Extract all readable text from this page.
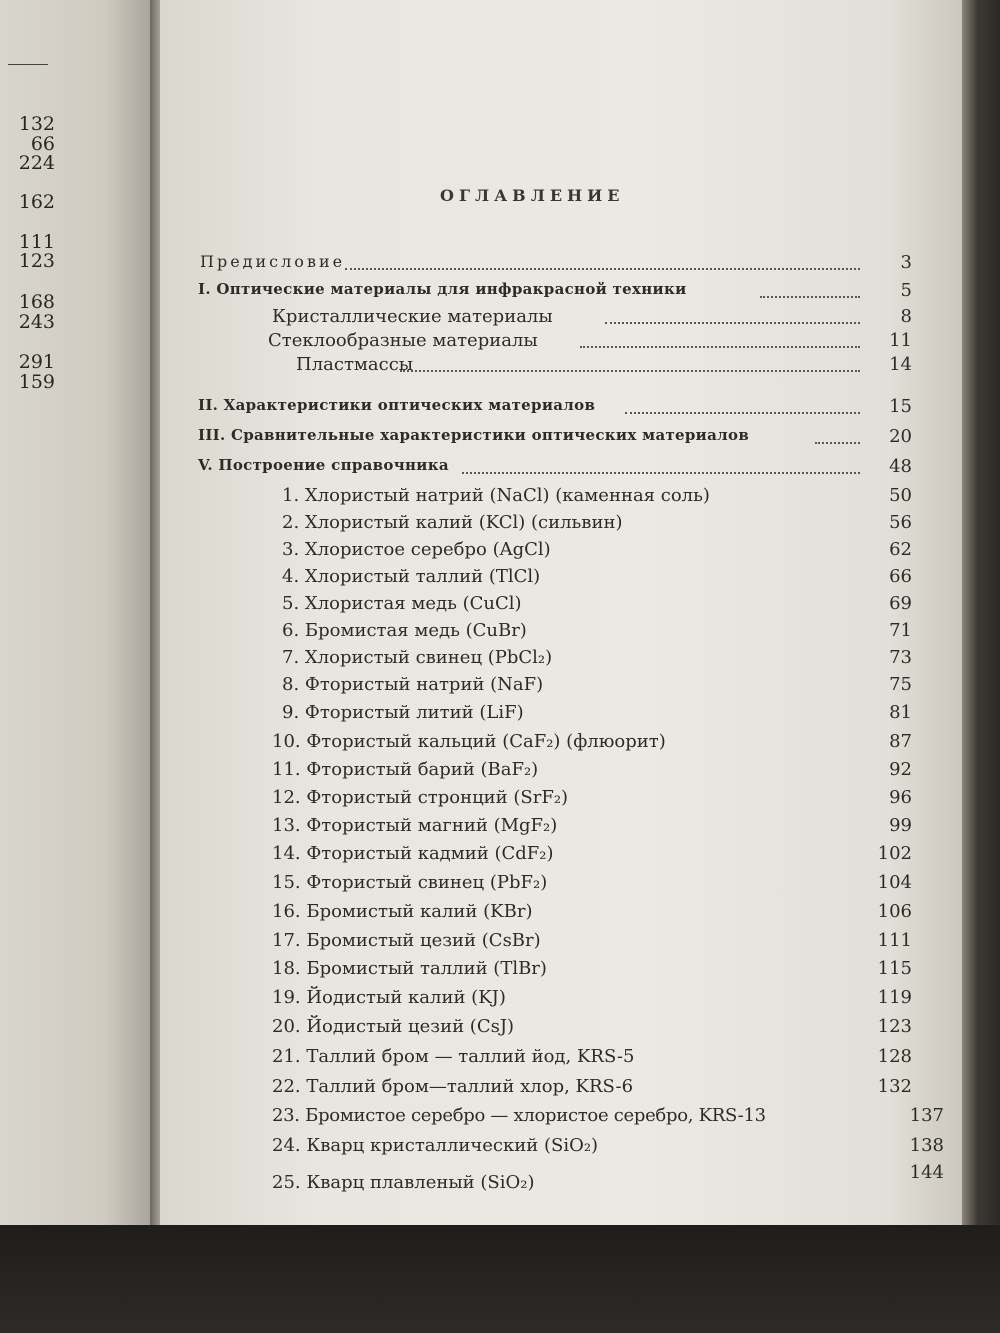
132
66
224
162
111
123
168
243
291
159
ОГЛАВЛЕНИЕ
Предисловие	3
I. Оптические материалы для инфракрасной техники	5
Кристаллические материалы	8
Стеклообразные материалы	11
Пластмассы	14
II. Характеристики оптических материалов	15
III. Сравнительные характеристики оптических материалов	20
V. Построение справочника	48
1. Хлористый натрий (NaCl) (каменная соль)	50
2. Хлористый калий (KCl) (сильвин)	56
3. Хлористое серебро (AgCl)	62
4. Хлористый таллий (TlCl)	66
5. Хлористая медь (CuCl)	69
6. Бромистая медь (CuBr)	71
7. Хлористый свинец (PbCl₂)	73
8. Фтористый натрий (NaF)	75
9. Фтористый литий (LiF)	81
10. Фтористый кальций (CaF₂) (флюорит)	87
11. Фтористый барий (BaF₂)	92
12. Фтористый стронций (SrF₂)	96
13. Фтористый магний (MgF₂)	99
14. Фтористый кадмий (CdF₂)	102
15. Фтористый свинец (PbF₂)	104
16. Бромистый калий (KBr)	106
17. Бромистый цезий (CsBr)	111
18. Бромистый таллий (TlBr)	115
19. Йодистый калий (KJ)	119
20. Йодистый цезий (CsJ)	123
21. Таллий бром — таллий йод, KRS-5	128
22. Таллий бром—таллий хлор, KRS-6	132
23. Бромистое серебро — хлористое серебро, KRS-13	137
24. Кварц кристаллический (SiO₂)	138
25. Кварц плавленый (SiO₂)	144
